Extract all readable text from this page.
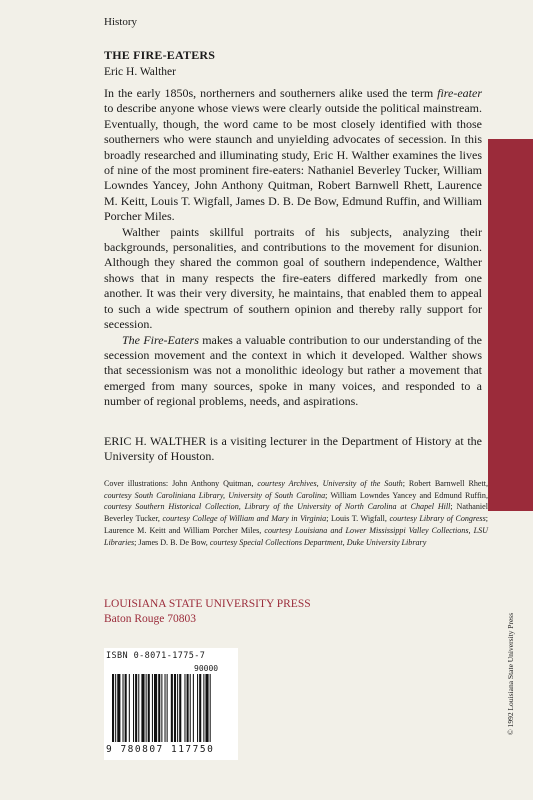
History
THE FIRE-EATERS
Eric H. Walther

In the early 1850s, northerners and southerners alike used the term fire-eater to describe anyone whose views were clearly outside the political mainstream. Eventually, though, the word came to be most closely identified with those southerners who were staunch and unyielding advocates of secession. In this broadly researched and illuminating study, Eric H. Walther examines the lives of nine of the most prominent fire-eaters: Nathaniel Beverley Tucker, William Lowndes Yancey, John Anthony Quitman, Robert Barnwell Rhett, Laurence M. Keitt, Louis T. Wigfall, James D. B. De Bow, Edmund Ruffin, and William Porcher Miles.

Walther paints skillful portraits of his subjects, analyzing their backgrounds, personalities, and contributions to the movement for disunion. Although they shared the common goal of southern independence, Walther shows that in many respects the fire-eaters differed markedly from one another. It was their very diversity, he maintains, that enabled them to appeal to such a wide spectrum of southern opinion and thereby rally support for secession.

The Fire-Eaters makes a valuable contribution to our understanding of the secession movement and the context in which it developed. Walther shows that secessionism was not a monolithic ideology but rather a movement that emerged from many sources, spoke in many voices, and responded to a number of regional problems, needs, and aspirations.

ERIC H. WALTHER is a visiting lecturer in the Department of History at the University of Houston.

Cover illustrations: John Anthony Quitman, courtesy Archives, University of the South; Robert Barnwell Rhett, courtesy South Caroliniana Library, University of South Carolina; William Lowndes Yancey and Edmund Ruffin, courtesy Southern Historical Collection, Library of the University of North Carolina at Chapel Hill; Nathaniel Beverley Tucker, courtesy College of William and Mary in Virginia; Louis T. Wigfall, courtesy Library of Congress; Laurence M. Keitt and William Porcher Miles, courtesy Louisiana and Lower Mississippi Valley Collections, LSU Libraries; James D. B. De Bow, courtesy Special Collections Department, Duke University Library

LOUISIANA STATE UNIVERSITY PRESS
Baton Rouge 70803
ISBN 0-8071-1775-7
90000
9 780807 117750
© 1992 Louisiana State University Press
